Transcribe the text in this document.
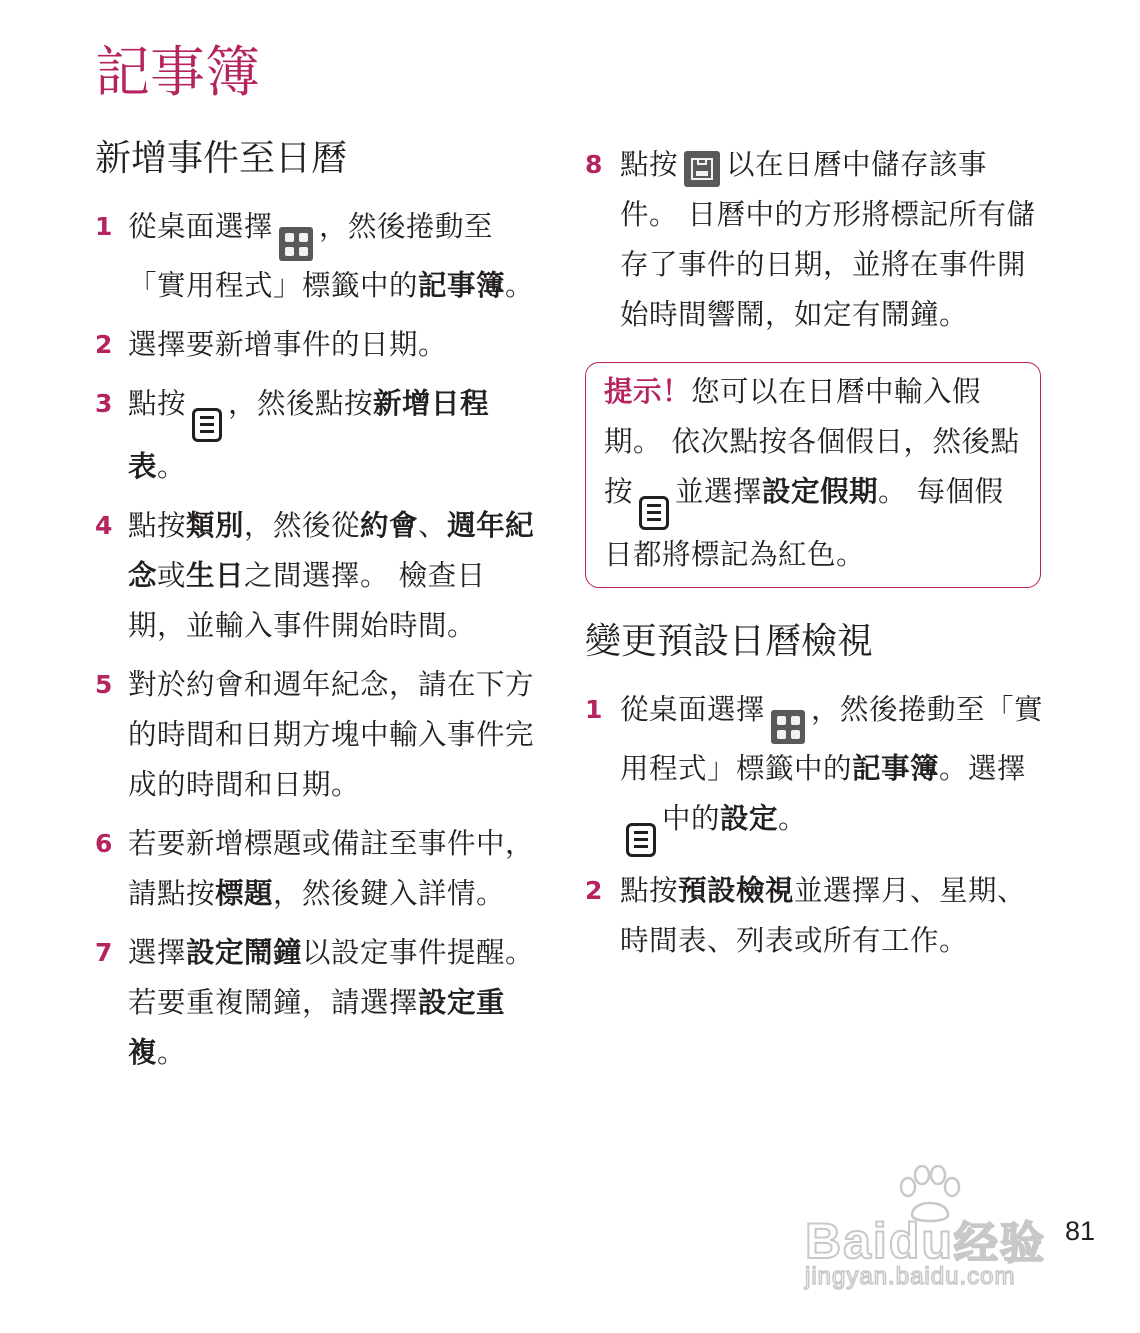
記事簿
新增事件至日曆
1 從桌面選擇 ，然後捲動至「實用程式」標籤中的記事簿。
2 選擇要新增事件的日期。
3 點按 ，然後點按新增日程表。
4 點按類別，然後從約會、週年紀念或生日之間選擇。 檢查日期，並輸入事件開始時間。
5 對於約會和週年紀念，請在下方的時間和日期方塊中輸入事件完成的時間和日期。
6 若要新增標題或備註至事件中，請點按標題，然後鍵入詳情。
7 選擇設定鬧鐘以設定事件提醒。 若要重複鬧鐘，請選擇設定重複。
8 點按 以在日曆中儲存該事件。 日曆中的方形將標記所有儲存了事件的日期，並將在事件開始時間響鬧，如定有鬧鐘。
提示！您可以在日曆中輸入假期。 依次點按各個假日，然後點按 並選擇設定假期。 每個假日都將標記為紅色。
變更預設日曆檢視
1 從桌面選擇 ，然後捲動至「實用程式」標籤中的記事簿。選擇
中的設定。
2 點按預設檢視並選擇月、星期、時間表、列表或所有工作。
Baidu经验
jingyan.baidu.com
81
